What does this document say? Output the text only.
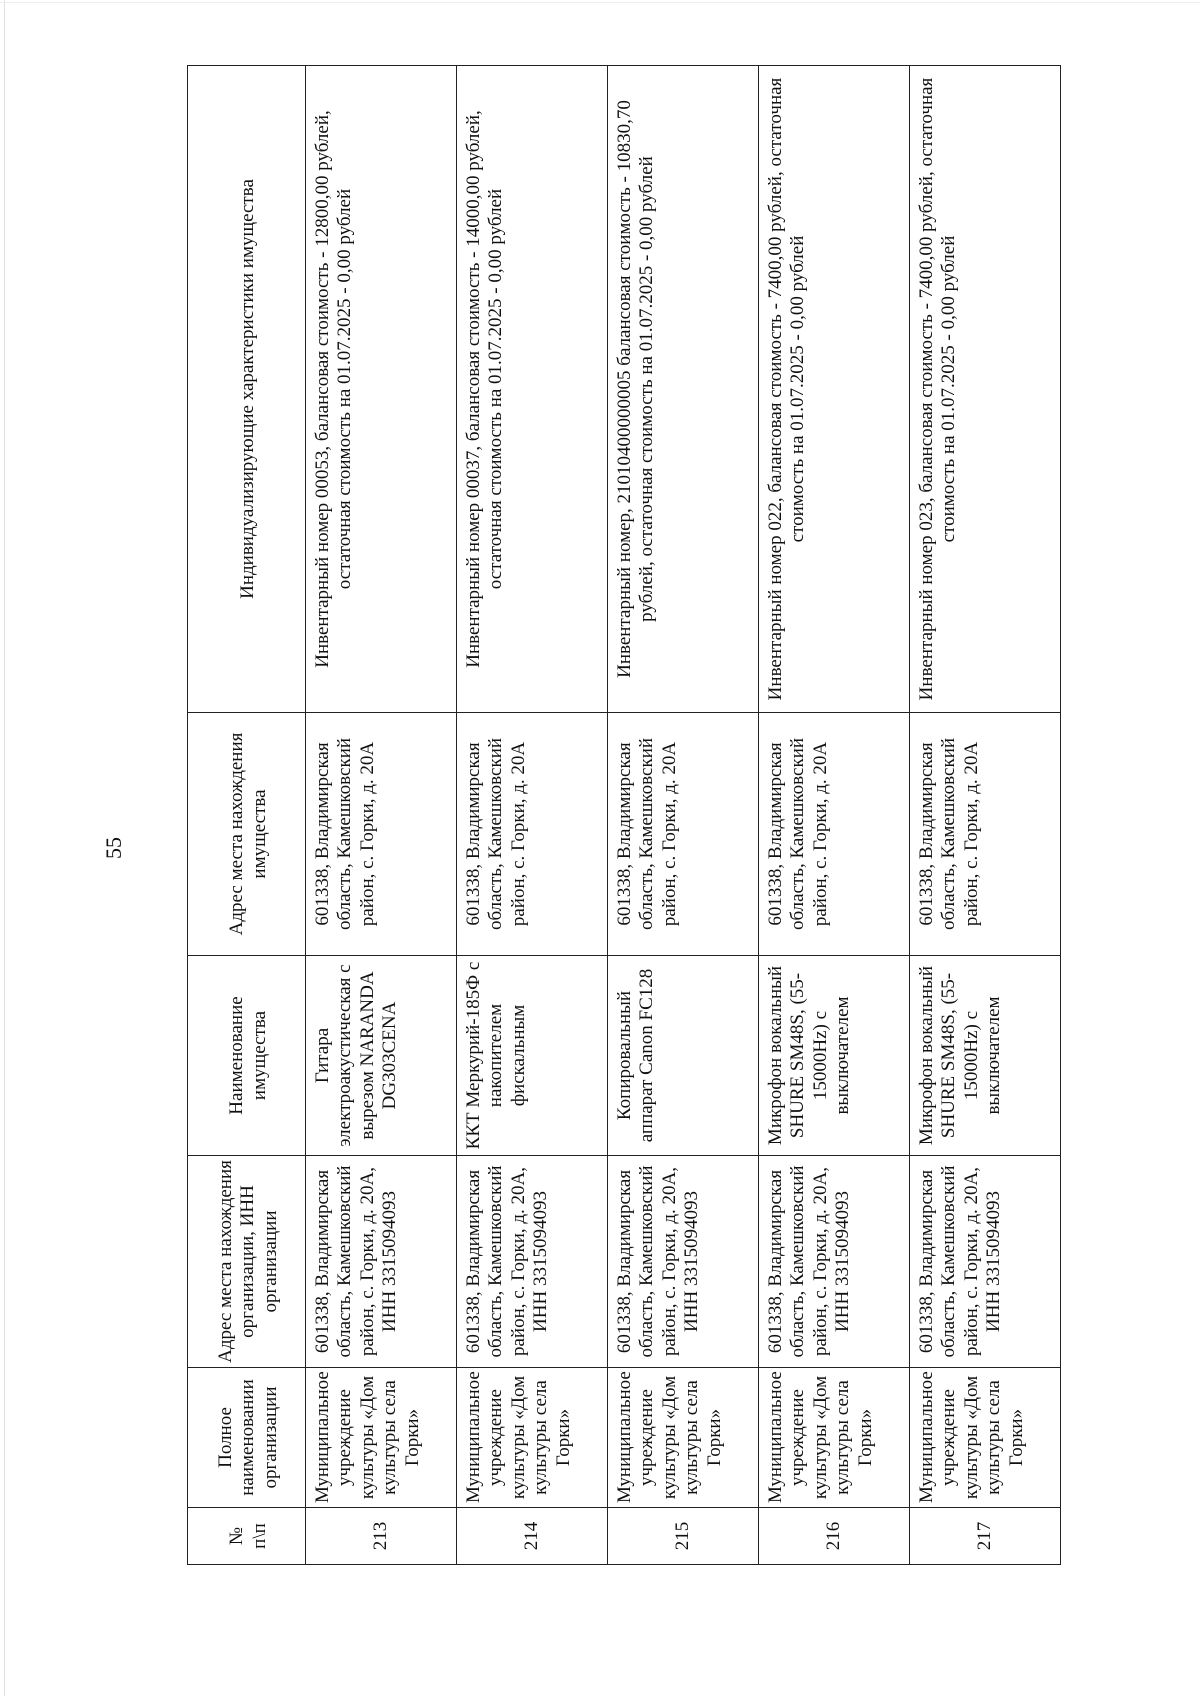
55
№
п\п	Полное наименовании организации	Адрес места нахождения организации, ИНН организации	Наименование имущества	Адрес места нахождения имущества	Индивидуализирующие характеристики имущества

213	Муниципальное учреждение культуры «Дом культуры села Горки»	601338, Владимирская область, Камешковский район, с. Горки, д. 20А, ИНН 3315094093	Гитара электроакустическая с вырезом NARANDA DG303CENA	601338, Владимирская область, Камешковский район, с. Горки, д. 20А	Инвентарный номер 00053, балансовая стоимость - 12800,00 рублей, остаточная стоимость на 01.07.2025 - 0,00 рублей
214	Муниципальное учреждение культуры «Дом культуры села Горки»	601338, Владимирская область, Камешковский район, с. Горки, д. 20А, ИНН 3315094093	ККТ Меркурий-185Ф с накопителем фискальным	601338, Владимирская область, Камешковский район, с. Горки, д. 20А	Инвентарный номер 00037, балансовая стоимость - 14000,00 рублей, остаточная стоимость на 01.07.2025 - 0,00 рублей
215	Муниципальное учреждение культуры «Дом культуры села Горки»	601338, Владимирская область, Камешковский район, с. Горки, д. 20А, ИНН 3315094093	Копировальный аппарат Canon FC128	601338, Владимирская область, Камешковский район, с. Горки, д. 20А	Инвентарный номер, 21010400000005 балансовая стоимость - 10830,70 рублей, остаточная стоимость на 01.07.2025 - 0,00 рублей
216	Муниципальное учреждение культуры «Дом культуры села Горки»	601338, Владимирская область, Камешковский район, с. Горки, д. 20А, ИНН 3315094093	Микрофон вокальный SHURE SM48S, (55-15000Hz) с выключателем	601338, Владимирская область, Камешковский район, с. Горки, д. 20А	Инвентарный номер 022, балансовая стоимость - 7400,00 рублей, остаточная стоимость на 01.07.2025 - 0,00 рублей
217	Муниципальное учреждение культуры «Дом культуры села Горки»	601338, Владимирская область, Камешковский район, с. Горки, д. 20А, ИНН 3315094093	Микрофон вокальный SHURE SM48S, (55-15000Hz) с выключателем	601338, Владимирская область, Камешковский район, с. Горки, д. 20А	Инвентарный номер 023, балансовая стоимость - 7400,00 рублей, остаточная стоимость на 01.07.2025 - 0,00 рублей
